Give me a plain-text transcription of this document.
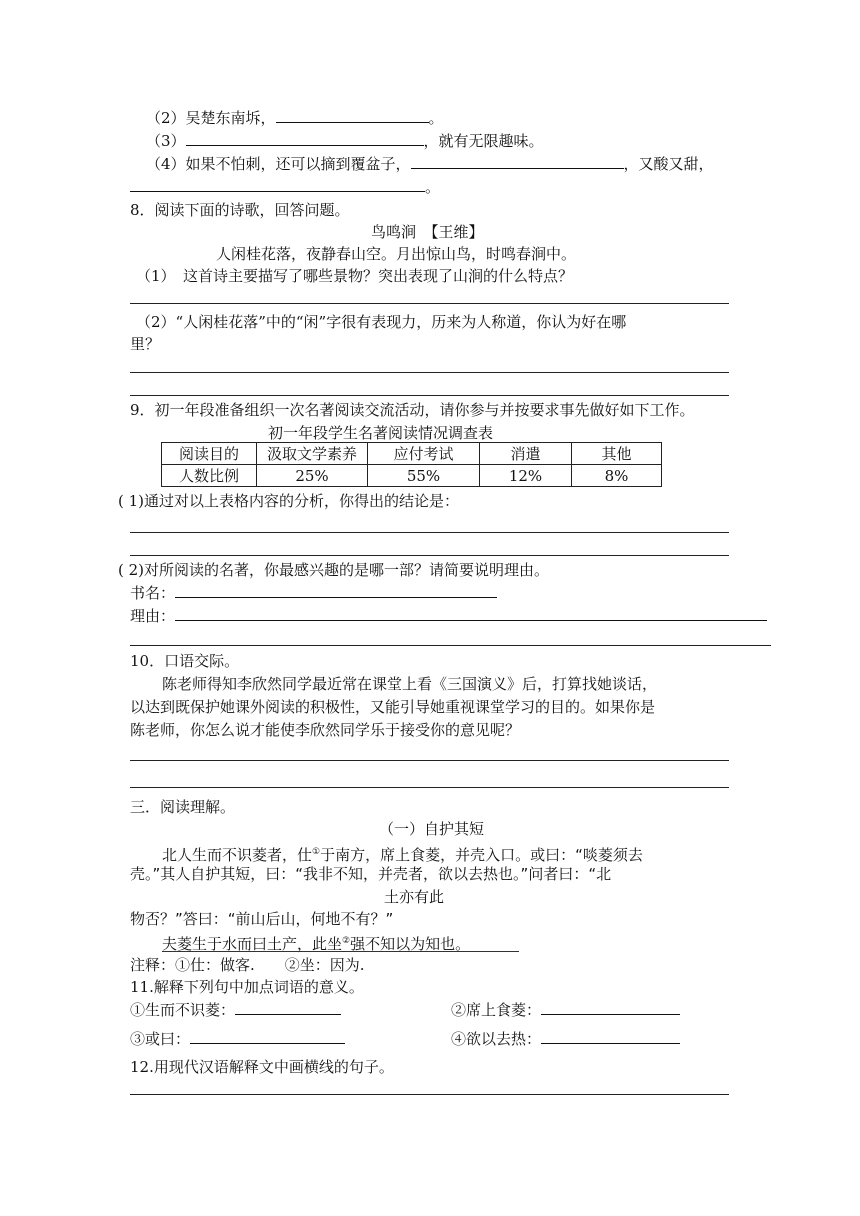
（2）吴楚东南坼，	。
（3）	，就有无限趣味。
（4）如果不怕刺，还可以摘到覆盆子，	，又酸又甜，
。
8．阅读下面的诗歌，回答问题。
鸟鸣涧　【王维】
人闲桂花落，夜静春山空。月出惊山鸟，时鸣春涧中。
（1）　这首诗主要描写了哪些景物？突出表现了山涧的什么特点？
（2）“人闲桂花落”中的“闲”字很有表现力，历来为人称道，你认为好在哪
里？
9．初一年段准备组织一次名著阅读交流活动，请你参与并按要求事先做好如下工作。
初一年段学生名著阅读情况调查表
阅读目的	汲取文学素养	应付考试	消遣	其他
人数比例	25%	55%	12%	8%
( 1)通过对以上表格内容的分析，你得出的结论是：
( 2)对所阅读的名著，你最感兴趣的是哪一部？请简要说明理由。
书名：
理由：
10．口语交际。
陈老师得知李欣然同学最近常在课堂上看《三国演义》后，打算找她谈话，
以达到既保护她课外阅读的积极性，又能引导她重视课堂学习的目的。如果你是
陈老师，你怎么说才能使李欣然同学乐于接受你的意见呢？
三．阅读理解。
（一）自护其短
北人生而不识菱者，仕①于南方，席上食菱，并壳入口。或曰：“啖菱须去
壳。”其人自护其短，曰：“我非不知，并壳者，欲以去热也。”问者曰：“北
土亦有此
物否？”答曰：“前山后山，何地不有？”
夫菱生于水而曰土产，此坐②强不知以为知也。
注释：①仕：做客.　　②坐：因为.
11.解释下列句中加点词语的意义。
①生而不识菱：	②席上食菱：
③或曰：	④欲以去热：
12.用现代汉语解释文中画横线的句子。
